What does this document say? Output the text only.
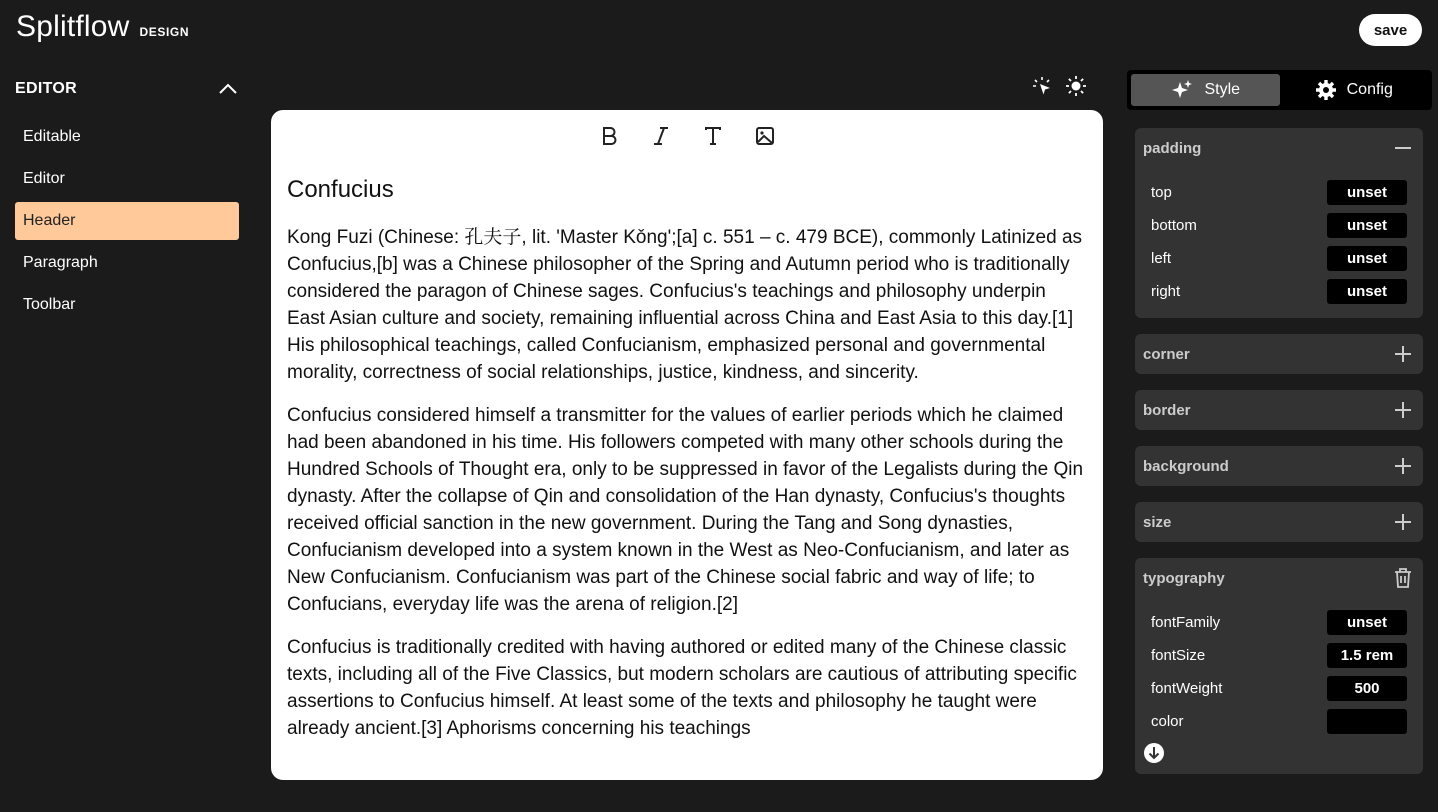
Splitflow DESIGN	save
EDITOR
Editable
Editor
Header
Paragraph
Toolbar
Confucius

Kong Fuzi (Chinese: 孔夫子, lit. 'Master Kǒng';[a] c. 551 – c. 479 BCE), commonly Latinized as Confucius,[b] was a Chinese philosopher of the Spring and Autumn period who is traditionally considered the paragon of Chinese sages. Confucius's teachings and philosophy underpin East Asian culture and society, remaining influential across China and East Asia to this day.[1] His philosophical teachings, called Confucianism, emphasized personal and governmental morality, correctness of social relationships, justice, kindness, and sincerity.

Confucius considered himself a transmitter for the values of earlier periods which he claimed had been abandoned in his time. His followers competed with many other schools during the Hundred Schools of Thought era, only to be suppressed in favor of the Legalists during the Qin dynasty. After the collapse of Qin and consolidation of the Han dynasty, Confucius's thoughts received official sanction in the new government. During the Tang and Song dynasties, Confucianism developed into a system known in the West as Neo-Confucianism, and later as New Confucianism. Confucianism was part of the Chinese social fabric and way of life; to Confucians, everyday life was the arena of religion.[2]

Confucius is traditionally credited with having authored or edited many of the Chinese classic texts, including all of the Five Classics, but modern scholars are cautious of attributing specific assertions to Confucius himself. At least some of the texts and philosophy he taught were already ancient.[3] Aphorisms concerning his teachings

Style	Config
padding
top	unset
bottom	unset
left	unset
right	unset
corner
border
background
size
typography
fontFamily	unset
fontSize	1.5 rem
fontWeight	500
color
